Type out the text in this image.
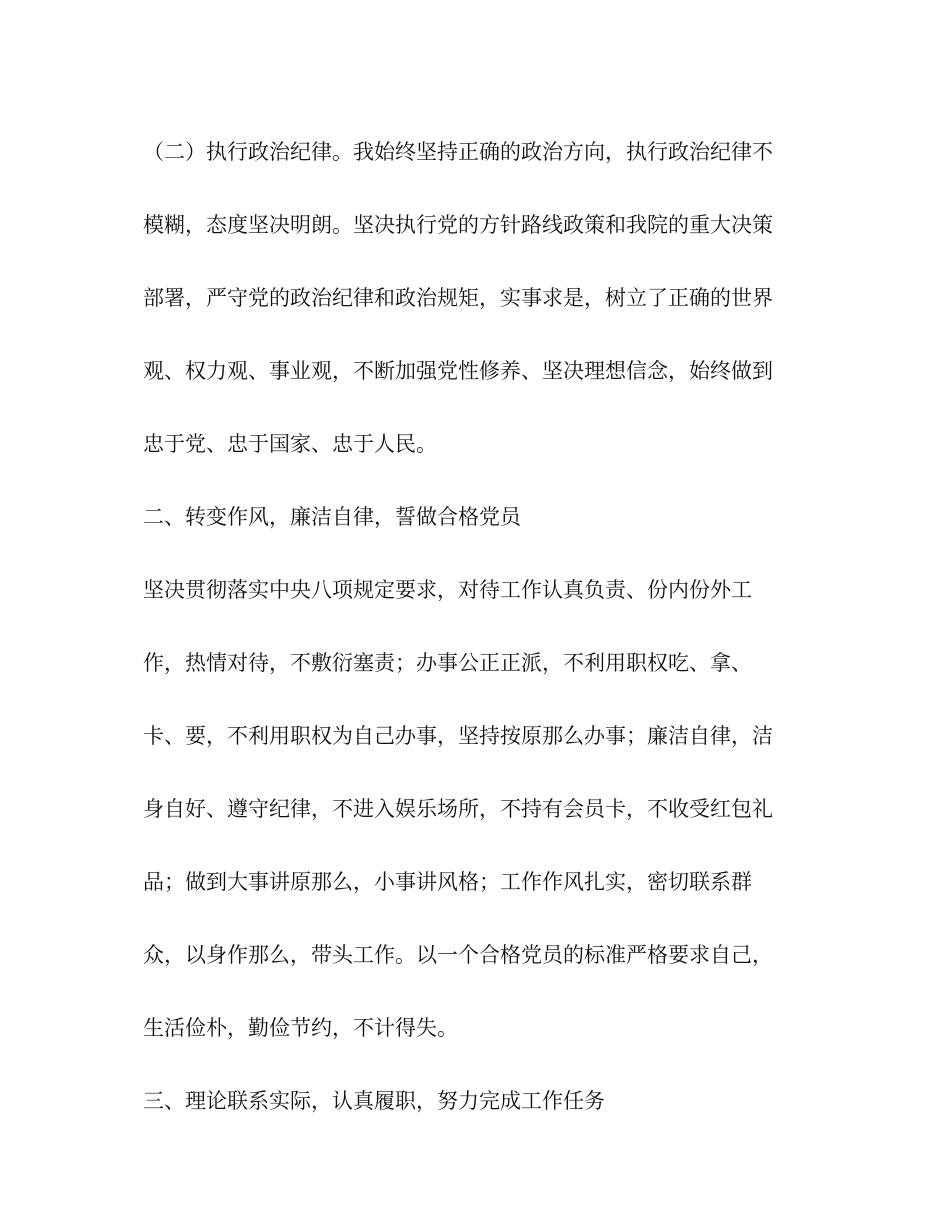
（二）执行政治纪律。我始终坚持正确的政治方向，执行政治纪律不
模糊，态度坚决明朗。坚决执行党的方针路线政策和我院的重大决策
部署，严守党的政治纪律和政治规矩，实事求是，树立了正确的世界
观、权力观、事业观，不断加强党性修养、坚决理想信念，始终做到
忠于党、忠于国家、忠于人民。
二、转变作风，廉洁自律，誓做合格党员
坚决贯彻落实中央八项规定要求，对待工作认真负责、份内份外工
作，热情对待，不敷衍塞责；办事公正正派，不利用职权吃、拿、
卡、要，不利用职权为自己办事，坚持按原那么办事；廉洁自律，洁
身自好、遵守纪律，不进入娱乐场所，不持有会员卡，不收受红包礼
品；做到大事讲原那么，小事讲风格；工作作风扎实，密切联系群
众，以身作那么，带头工作。以一个合格党员的标准严格要求自己，
生活俭朴，勤俭节约，不计得失。
三、理论联系实际，认真履职，努力完成工作任务
